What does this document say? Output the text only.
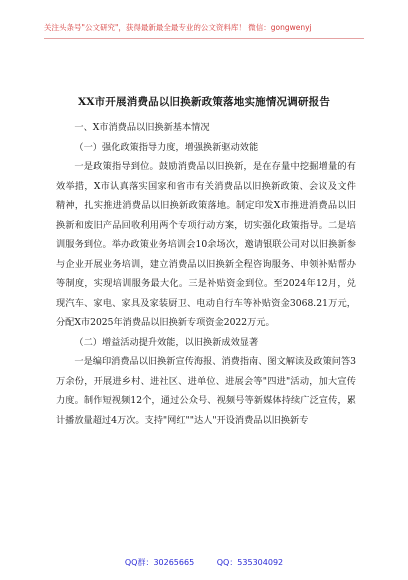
关注头条号"公文研究"，获得最新最全最专业的公文资料库！ 微信：gongwenyj
XX市开展消费品以旧换新政策落地实施情况调研报告

一、X市消费品以旧换新基本情况

（一）强化政策指导力度，增强换新驱动效能

一是政策指导到位。鼓励消费品以旧换新，是在存量中挖掘增量的有效举措，X市认真落实国家和省市有关消费品以旧换新政策、会议及文件精神，扎实推进消费品以旧换新政策落地。制定印发X市推进消费品以旧换新和废旧产品回收利用两个专项行动方案，切实强化政策指导。二是培训服务到位。举办政策业务培训会10余场次，邀请银联公司对以旧换新参与企业开展业务培训，建立消费品以旧换新全程咨询服务、申领补贴帮办等制度，实现培训服务最大化。三是补贴资金到位。至2024年12月，兑现汽车、家电、家具及家装厨卫、电动自行车等补贴资金3068.21万元，分配X市2025年消费品以旧换新专项资金2022万元。

（二）增益活动提升效能，以旧换新成效显著

一是编印消费品以旧换新宣传海报、消费指南、图文解读及政策问答3万余份，开展进乡村、进社区、进单位、进展会等"四进"活动，加大宣传力度。制作短视频12个，通过公众号、视频号等新媒体持续广泛宣传，累计播放量超过4万次。支持"网红""达人"开设消费品以旧换新专

QQ群：30265665	QQ：535304092
